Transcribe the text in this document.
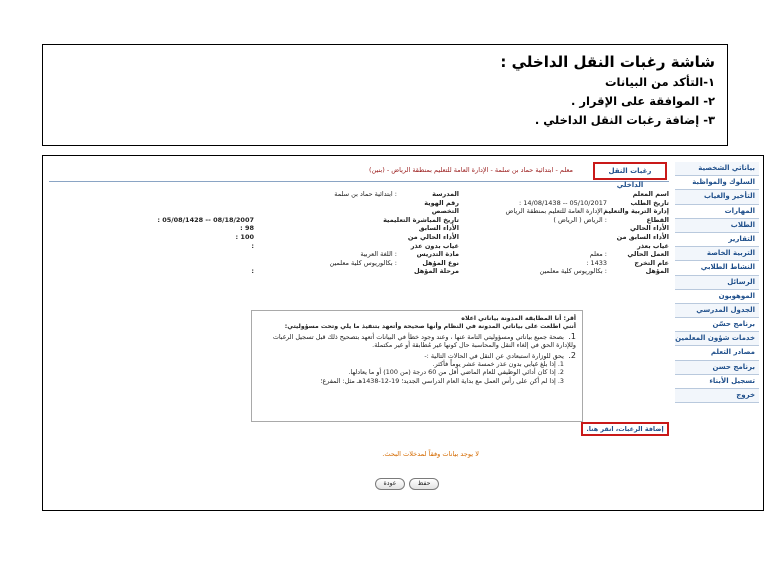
شاشة رغبات النقل الداخلي :
١-التأكد من البيانات
٢- الموافقة على الإقرار .
٣- إضافة رغبات النقل الداخلي .
بياناتي الشخصية
السلوك والمواظبة
التأخير والغياب
المهارات
الطلاب
التقارير
التربية الخاصة
النشاط الطلابي
الرسائل
الموهوبون
الجدول المدرسي
برنامج حسّن
خدمات شؤون المعلمين
مصادر التعلم
برنامج حسن
تسجيل الأبناء
خروج
رغبات النقل الداخلي
معلم - ابتدائية حماد بن سلمة - الإدارة العامة للتعليم بمنطقة الرياض - (بنين)
اسم المعلم
تاريخ الطلب
05/10/2017 -- 14/08/1438 :
إدارة التربية والتعليم
: الإدارة العامة للتعليم بمنطقة الرياض
القطاع
: الرياض ( الرياض )
الأداء الحالي
الأداء السابق من
غياب بعذر
العمل الحالي
: معلم
عام التخرج
1433 :
المؤهل
: بكالوريوس كلية معلمين
المدرسة
: ابتدائية حماد بن سلمة
رقم الهوية
التخصص
تاريخ المباشرة التعليمية
الأداء السابق
الأداء الحالي من
غياب بدون عذر
مادة التدريس
: اللغة العربية
نوع المؤهل
: بكالوريوس كلية معلمين
مرحلة المؤهل
08/18/2007 -- 05/08/1428 :
98 :
100 :
:
:

أقر: أنا المطابقة المدونة بياناتي اعلاه

أنني اطلعت على بياناتي المدونة في النظام وأنها صحيحة وأتعهد بتنفيذ ما يلي وتحت مسؤوليتي:

1. بصحة جميع بياناتي ومسؤوليتي التامة عنها ، وعند وجود خطأ في البيانات أتعهد بتصحيح ذلك قبل تسجيل الرغبات وللإدارة الحق في إلغاء النقل والمحاسبة حال كونها غير مُطابقة أو غير مكتملة.

2. يحق للوزارة استبعادي عن النقل في الحالات التالية :-

1. إذا بلغ غيابي بدون عذر خمسة عشر يوماً فأكثر.

2. إذا كان أدائي الوظيفي للعام الماضي أقل من 60 درجة (من 100) أو ما يعادلها.

3. إذا لم أكن على رأس العمل مع بداية العام الدراسي الجديد؛ 19-12-1438هـ مثل: المفرغ؛

إضافة الرغبات، انقر هنا.
لا يوجد بيانات وفقاً لمدخلات البحث.
حفظ
عودة
